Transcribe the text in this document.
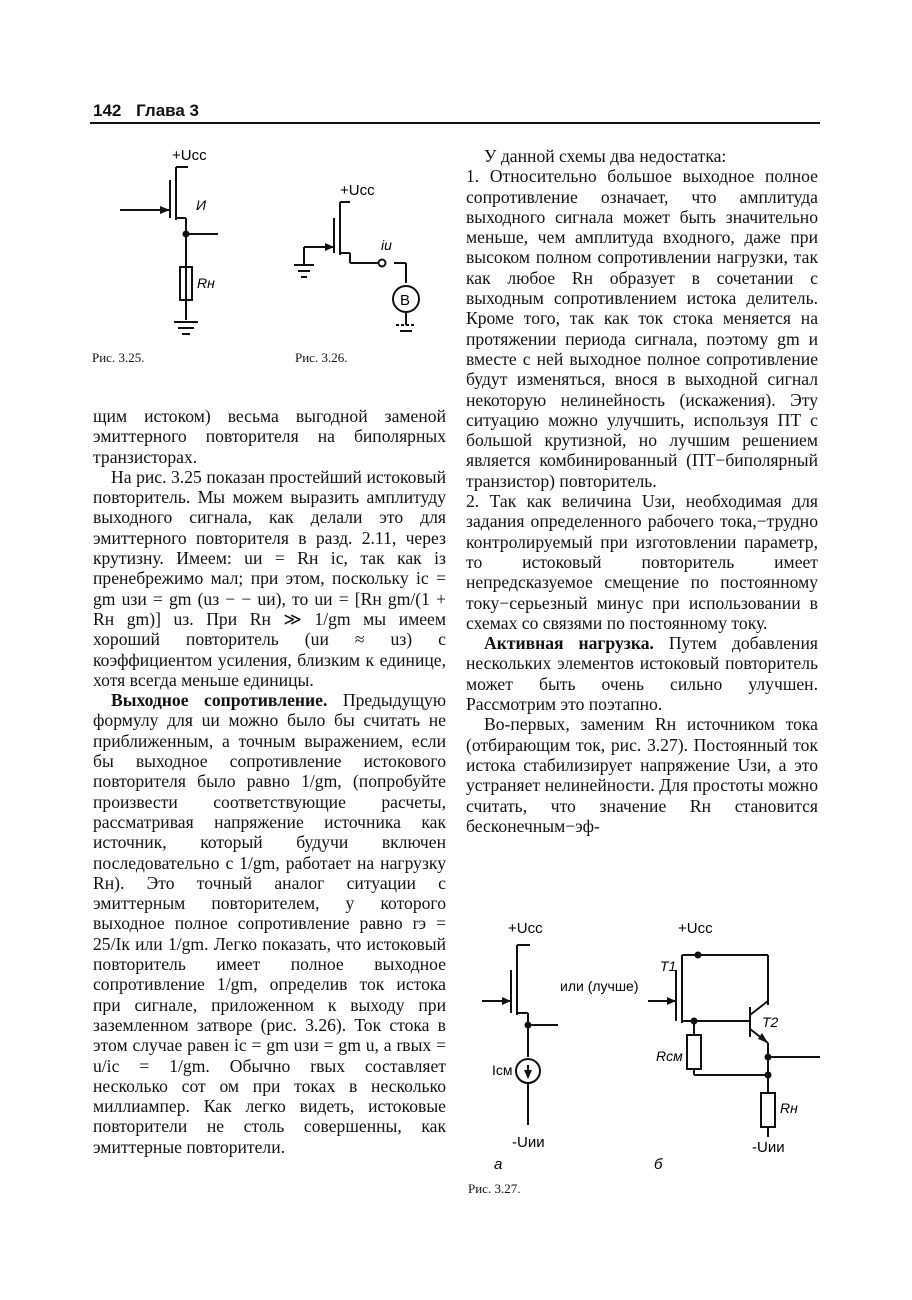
142 Глава 3
+Uсс
И
Rн
Рис. 3.25.
+Uсс
iи
B
Рис. 3.26.

щим истоком) весьма выгодной заменой эмиттерного повторителя на биполярных транзисторах.

На рис. 3.25 показан простейший истоковый повторитель. Мы можем выразить амплитуду выходного сигнала, как делали это для эмиттерного повторителя в разд. 2.11, через крутизну. Имеем: uи = Rн iс, так как iз пренебрежимо мал; при этом, поскольку iс = gm uзи = gm (uз − − uи), то uи = [Rн gm/(1 + Rн gm)] uз. При Rн ≫ 1/gm мы имеем хороший повторитель (uи ≈ uз) с коэффициентом усиления, близким к единице, хотя всегда меньше единицы.

Выходное сопротивление. Предыдущую формулу для uи можно было бы считать не приближенным, а точным выражением, если бы выходное сопротивление истокового повторителя было равно 1/gm, (попробуйте произвести соответствующие расчеты, рассматривая напряжение источника как источник, который будучи включен последовательно с 1/gm, работает на нагрузку Rн). Это точный аналог ситуации с эмиттерным повторителем, у которого выходное полное сопротивление равно rэ = 25/Iк или 1/gm. Легко показать, что истоковый повторитель имеет полное выходное сопротивление 1/gm, определив ток истока при сигнале, приложенном к выходу при заземленном затворе (рис. 3.26). Ток стока в этом случае равен iс = gm uзи = gm u, а rвых = u/iс = 1/gm. Обычно rвых составляет несколько сот ом при токах в несколько миллиампер. Как легко видеть, истоковые повторители не столь совершенны, как эмиттерные повторители.

У данной схемы два недостатка:

1. Относительно большое выходное полное сопротивление означает, что амплитуда выходного сигнала может быть значительно меньше, чем амплитуда входного, даже при высоком полном сопротивлении нагрузки, так как любое Rн образует в сочетании с выходным сопротивлением истока делитель. Кроме того, так как ток стока меняется на протяжении периода сигнала, поэтому gm и вместе с ней выходное полное сопротивление будут изменяться, внося в выходной сигнал некоторую нелинейность (искажения). Эту ситуацию можно улучшить, используя ПТ с большой крутизной, но лучшим решением является комбинированный (ПТ−биполярный транзистор) повторитель.

2. Так как величина Uзи, необходимая для задания определенного рабочего тока,−трудно контролируемый при изготовлении параметр, то истоковый повторитель имеет непредсказуемое смещение по постоянному току−серьезный минус при использовании в схемах со связями по постоянному току.

Активная нагрузка. Путем добавления нескольких элементов истоковый повторитель может быть очень сильно улучшен. Рассмотрим это поэтапно.

Во-первых, заменим Rн источником тока (отбирающим ток, рис. 3.27). Постоянный ток истока стабилизирует напряжение Uзи, а это устраняет нелинейности. Для простоты можно считать, что значение Rн становится бесконечным−эф-

+Uсс	+Uсс
Iсм
-Uии	-Uии
или (лучше)
T1
T2
Rсм
Rн
а	б
Рис. 3.27.
